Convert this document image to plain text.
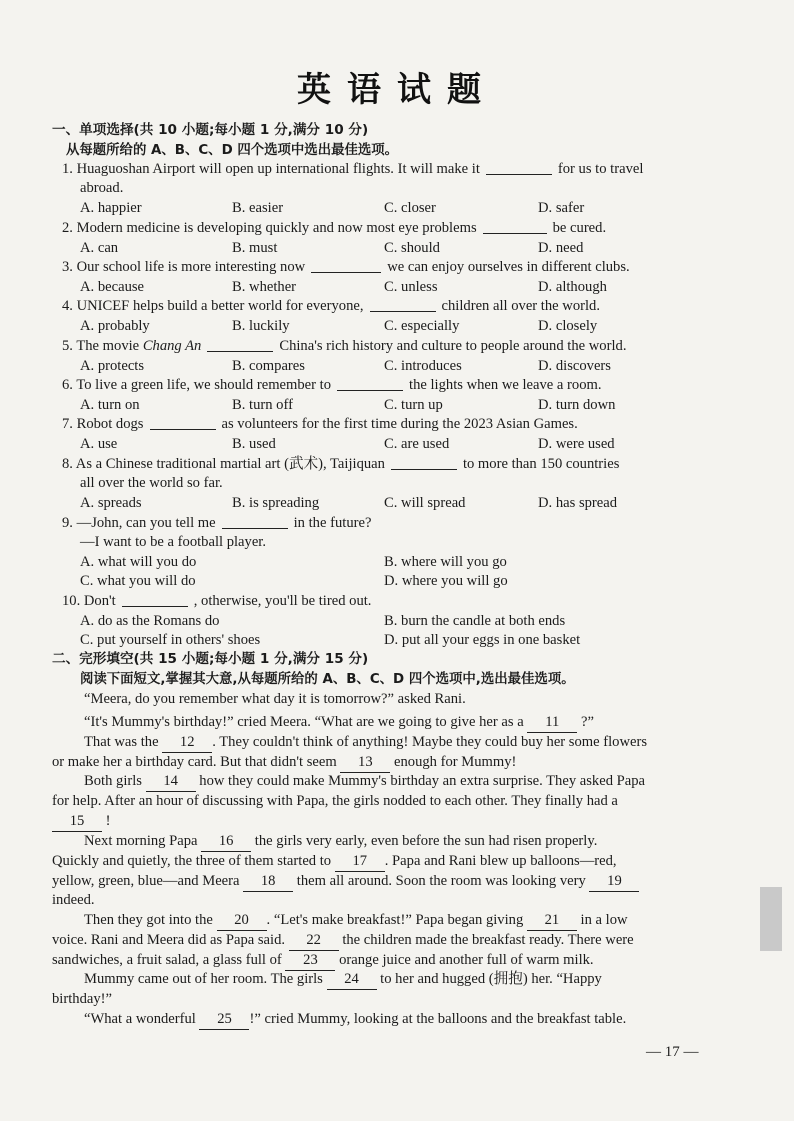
英语试题
一、单项选择(共 10 小题;每小题 1 分,满分 10 分)
从每题所给的 A、B、C、D 四个选项中选出最佳选项。
1. Huaguoshan Airport will open up international flights. It will make it	for us to travel
abroad.
A. happier	B. easier	C. closer	D. safer
2. Modern medicine is developing quickly and now most eye problems	be cured.
A. can	B. must	C. should	D. need
3. Our school life is more interesting now	we can enjoy ourselves in different clubs.
A. because	B. whether	C. unless	D. although
4. UNICEF helps build a better world for everyone,	children all over the world.
A. probably	B. luckily	C. especially	D. closely
5. The movie Chang An	China's rich history and culture to people around the world.
A. protects	B. compares	C. introduces	D. discovers
6. To live a green life, we should remember to	the lights when we leave a room.
A. turn on	B. turn off	C. turn up	D. turn down
7. Robot dogs	as volunteers for the first time during the 2023 Asian Games.
A. use	B. used	C. are used	D. were used
8. As a Chinese traditional martial art (武术), Taijiquan	to more than 150 countries
all over the world so far.
A. spreads	B. is spreading	C. will spread	D. has spread
9. —John, can you tell me	in the future?
—I want to be a football player.
A. what will you do	B. where will you go
C. what you will do	D. where you will go
10. Don't	, otherwise, you'll be tired out.
A. do as the Romans do	B. burn the candle at both ends
C. put yourself in others' shoes	D. put all your eggs in one basket
二、完形填空(共 15 小题;每小题 1 分,满分 15 分)
阅读下面短文,掌握其大意,从每题所给的 A、B、C、D 四个选项中,选出最佳选项。
“Meera, do you remember what day it is tomorrow?” asked Rani.
“It's Mummy's birthday!” cried Meera. “What are we going to give her as a 11 ?”
That was the 12 . They couldn't think of anything! Maybe they could buy her some flowers
or make her a birthday card. But that didn't seem 13 enough for Mummy!
Both girls 14 how they could make Mummy's birthday an extra surprise. They asked Papa
for help. After an hour of discussing with Papa, the girls nodded to each other. They finally had a
15 !
Next morning Papa 16 the girls very early, even before the sun had risen properly.
Quickly and quietly, the three of them started to 17 . Papa and Rani blew up balloons—red,
yellow, green, blue—and Meera 18 them all around. Soon the room was looking very 19
indeed.
Then they got into the 20 . “Let's make breakfast!” Papa began giving 21 in a low
voice. Rani and Meera did as Papa said. 22 the children made the breakfast ready. There were
sandwiches, a fruit salad, a glass full of 23 orange juice and another full of warm milk.
Mummy came out of her room. The girls 24 to her and hugged (拥抱) her. “Happy
birthday!”
“What a wonderful 25 !” cried Mummy, looking at the balloons and the breakfast table.
— 17 —
